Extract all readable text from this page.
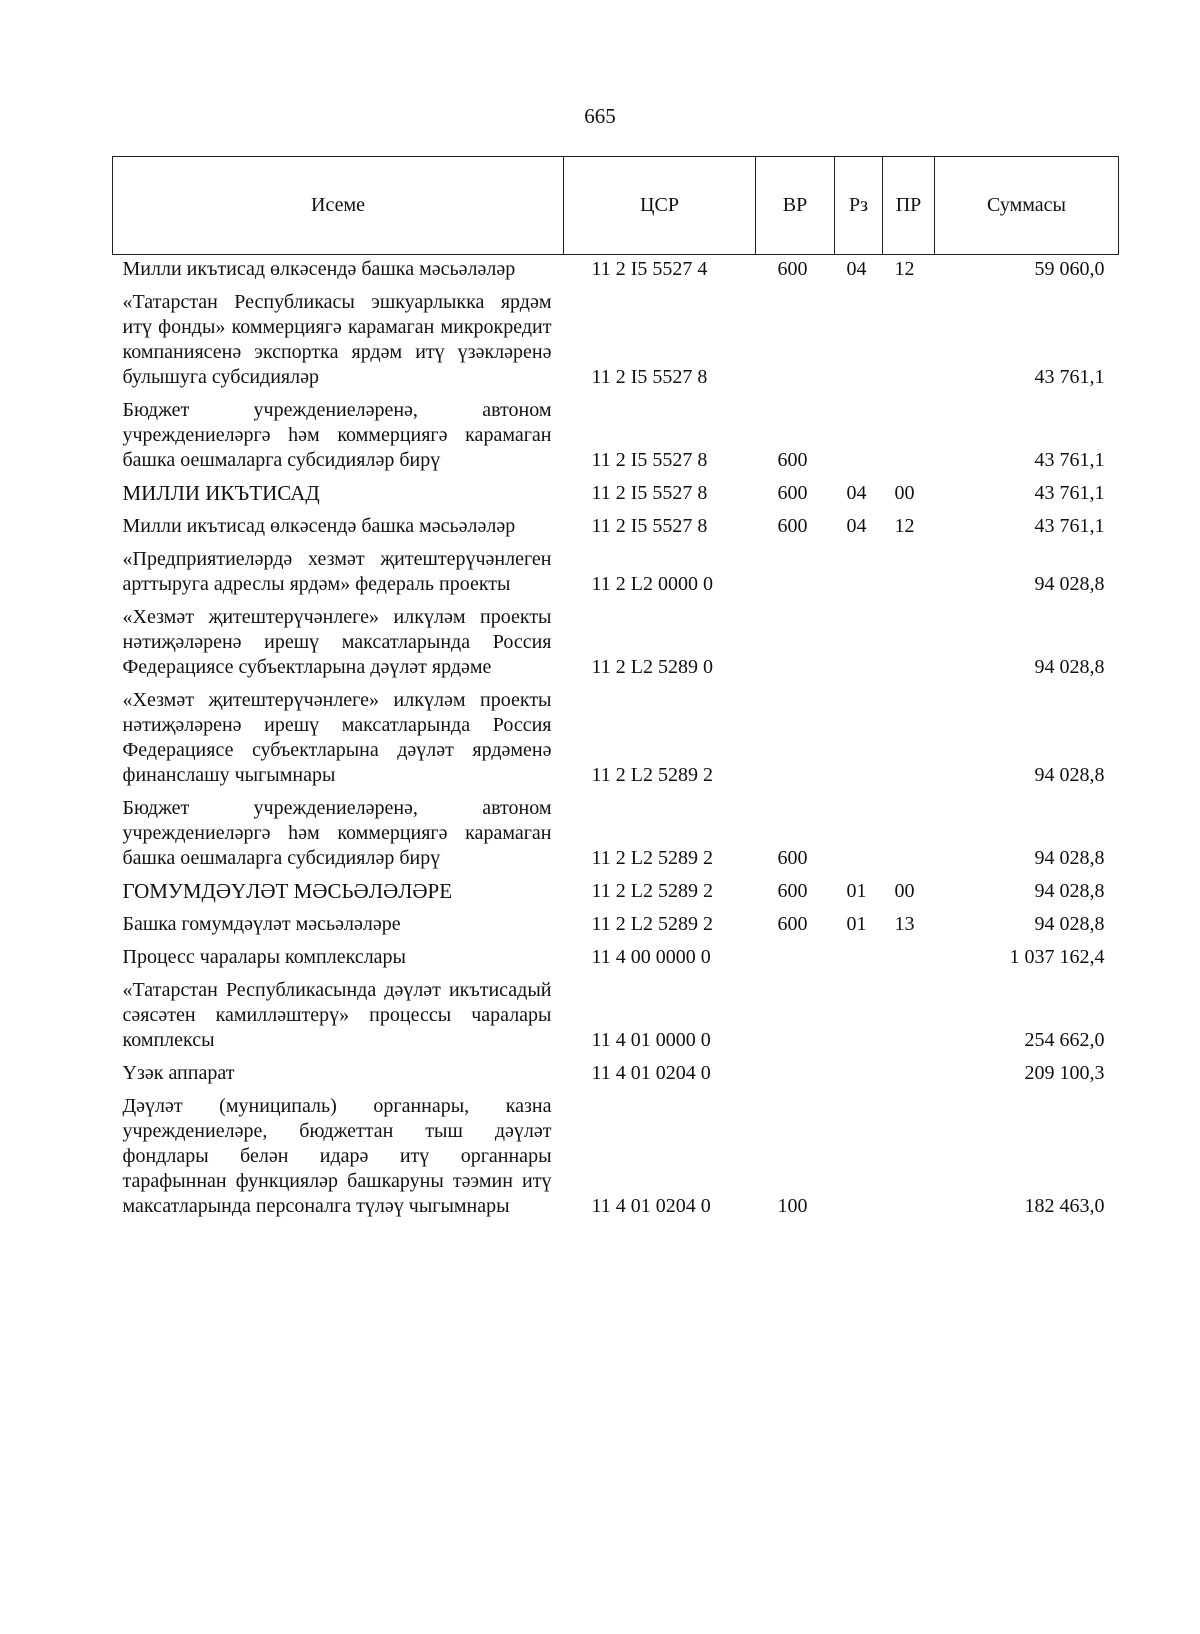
665
Исеме	ЦСР	ВР	Рз	ПР	Суммасы
Милли икътисад өлкәсендә башка мәсьәләләр	11 2 I5 5527 4	600	04	12	59 060,0
«Татарстан Республикасы эшкуарлыкка ярдәм итү фонды» коммерциягә карамаган микрокредит компаниясенә экспортка ярдәм итү үзәкләренә булышуга субсидияләр	11 2 I5 5527 8				43 761,1
Бюджет учреждениеләренә, автоном учреждениеләргә һәм коммерциягә карамаган башка оешмаларга субсидияләр бирү	11 2 I5 5527 8	600			43 761,1
МИЛЛИ ИКЪТИСАД	11 2 I5 5527 8	600	04	00	43 761,1
Милли икътисад өлкәсендә башка мәсьәләләр	11 2 I5 5527 8	600	04	12	43 761,1
«Предприятиеләрдә хезмәт җитештерүчәнлеген арттыруга адреслы ярдәм» федераль проекты	11 2 L2 0000 0				94 028,8
«Хезмәт җитештерүчәнлеге» илкүләм проекты нәтиҗәләренә ирешү максатларында Россия Федерациясе субъектларына дәүләт ярдәме	11 2 L2 5289 0				94 028,8
«Хезмәт җитештерүчәнлеге» илкүләм проекты нәтиҗәләренә ирешү максатларында Россия Федерациясе субъектларына дәүләт ярдәменә финанслашу чыгымнары	11 2 L2 5289 2				94 028,8
Бюджет учреждениеләренә, автоном учреждениеләргә һәм коммерциягә карамаган башка оешмаларга субсидияләр бирү	11 2 L2 5289 2	600			94 028,8
ГОМУМДӘҮЛӘТ МӘСЬӘЛӘЛӘРЕ	11 2 L2 5289 2	600	01	00	94 028,8
Башка гомумдәүләт мәсьәләләре	11 2 L2 5289 2	600	01	13	94 028,8
Процесс чаралары комплекслары	11 4 00 0000 0				1 037 162,4
«Татарстан Республикасында дәүләт икътисадый сәясәтен камилләштерү» процессы чаралары комплексы	11 4 01 0000 0				254 662,0
Үзәк аппарат	11 4 01 0204 0				209 100,3
Дәүләт (муниципаль) органнары, казна учреждениеләре, бюджеттан тыш дәүләт фондлары белән идарә итү органнары тарафыннан функцияләр башкаруны тәэмин итү максатларында персоналга түләү чыгымнары	11 4 01 0204 0	100			182 463,0
